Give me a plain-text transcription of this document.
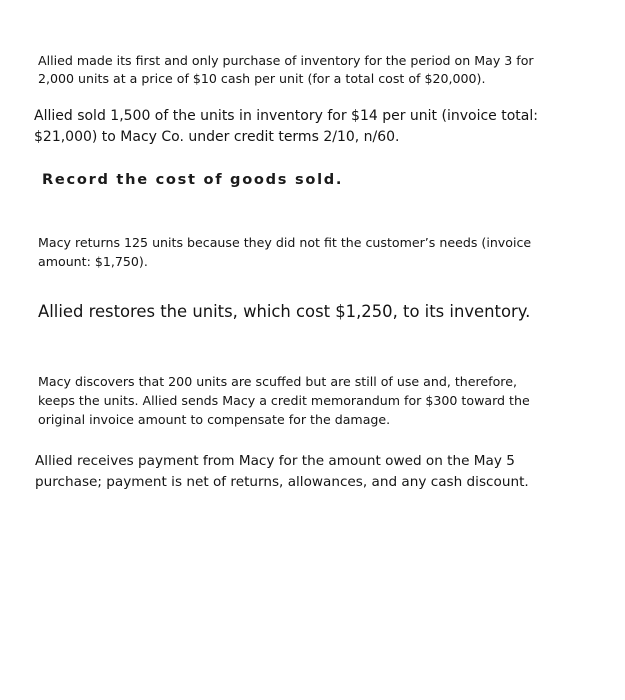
Allied made its first and only purchase of inventory for the period on May 3 for
2,000 units at a price of $10 cash per unit (for a total cost of $20,000).

Allied sold 1,500 of the units in inventory for $14 per unit (invoice total:
$21,000) to Macy Co. under credit terms 2/10, n/60.

Record the cost of goods sold.

Macy returns 125 units because they did not fit the customer’s needs (invoice
amount: $1,750).

Allied restores the units, which cost $1,250, to its inventory.

Macy discovers that 200 units are scuffed but are still of use and, therefore,
keeps the units. Allied sends Macy a credit memorandum for $300 toward the
original invoice amount to compensate for the damage.

Allied receives payment from Macy for the amount owed on the May 5
purchase; payment is net of returns, allowances, and any cash discount.
